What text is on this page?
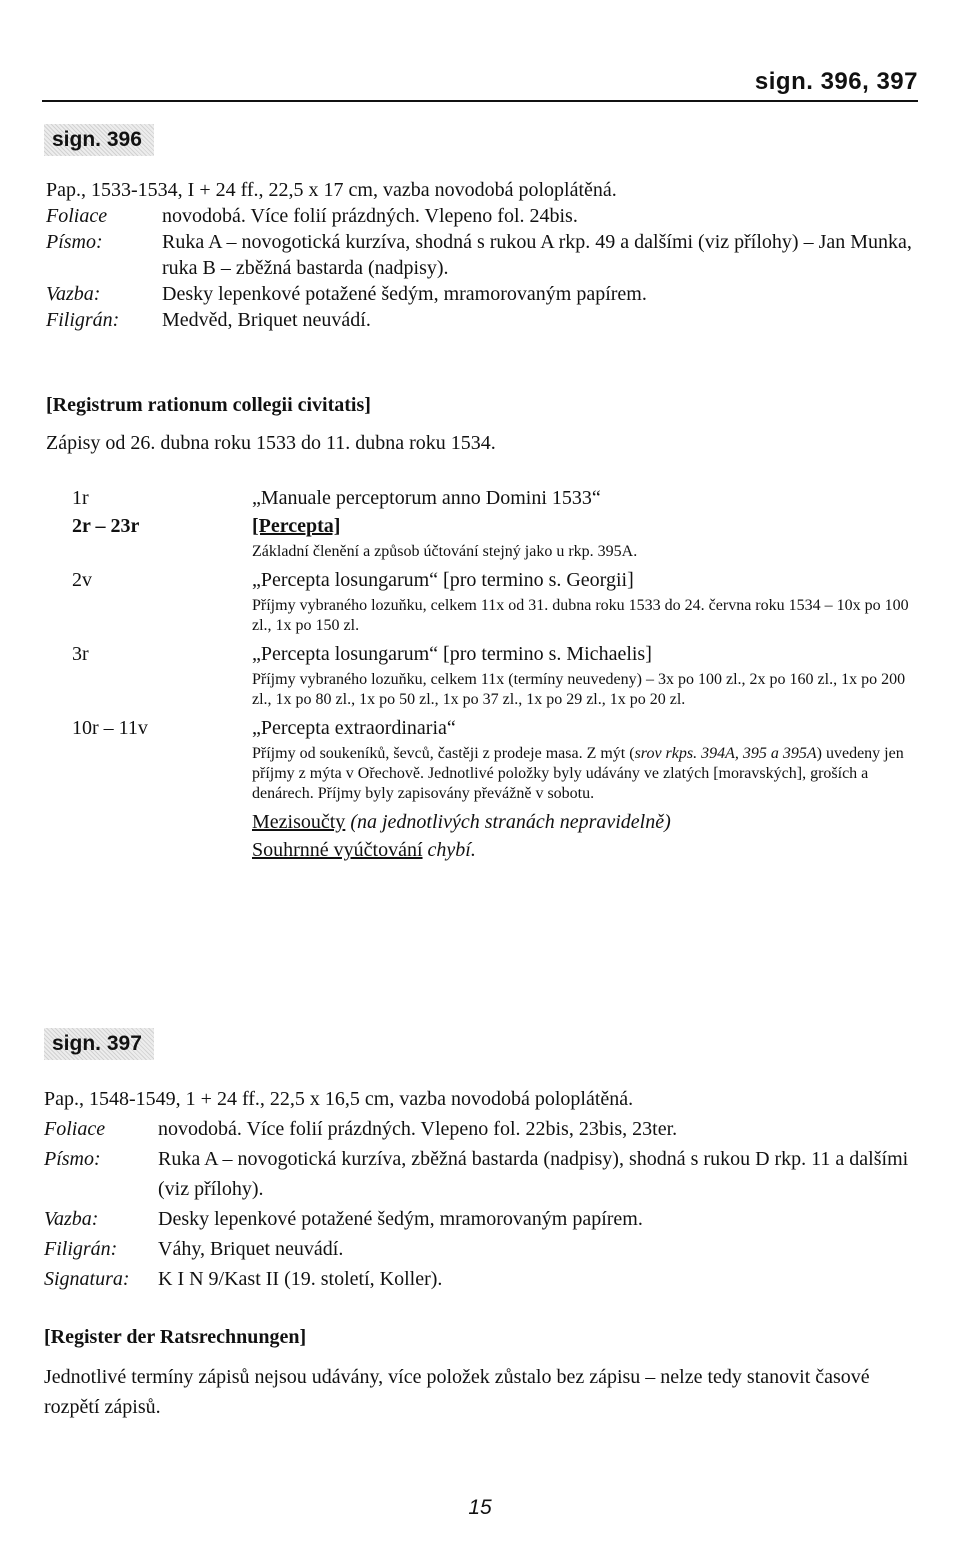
sign. 396, 397
sign. 396

Pap., 1533-1534, I + 24 ff., 22,5 x 17 cm, vazba novodobá poloplátěná.

Foliace	novodobá. Více folií prázdných. Vlepeno fol. 24bis.
Písmo:	Ruka A – novogotická kurzíva, shodná s rukou A rkp. 49 a dalšími (viz přílohy) – Jan Munka, ruka B – zběžná bastarda (nadpisy).
Vazba:	Desky lepenkové potažené šedým, mramorovaným papírem.
Filigrán:	Medvěd, Briquet neuvádí.
[Registrum rationum collegii civitatis]
Zápisy od 26. dubna roku 1533 do 11. dubna roku 1534.
1r	„Manuale perceptorum anno Domini 1533“
2r – 23r	[Percepta]
Základní členění a způsob účtování stejný jako u rkp. 395A.
2v	„Percepta losungarum“ [pro termino s. Georgii]
Příjmy vybraného lozuňku, celkem 11x od 31. dubna roku 1533 do 24. června roku 1534 – 10x po 100 zl., 1x po 150 zl.
3r	„Percepta losungarum“ [pro termino s. Michaelis]
Příjmy vybraného lozuňku, celkem 11x (termíny neuvedeny) – 3x po 100 zl., 2x po 160 zl., 1x po 200 zl., 1x po 80 zl., 1x po 50 zl., 1x po 37 zl., 1x po 29 zl., 1x po 20 zl.
10r – 11v	„Percepta extraordinaria“
Příjmy od soukeníků, ševců, častěji z prodeje masa. Z mýt (srov rkps. 394A, 395 a 395A) uvedeny jen příjmy z mýta v Ořechově. Jednotlivé položky byly udávány ve zlatých [moravských], groších a denárech. Příjmy byly zapisovány převážně v sobotu.
Mezisoučty (na jednotlivých stranách nepravidelně)
Souhrnné vyúčtování chybí.
sign. 397

Pap., 1548-1549, 1 + 24 ff., 22,5 x 16,5 cm, vazba novodobá poloplátěná.

Foliace	novodobá. Více folií prázdných. Vlepeno fol. 22bis, 23bis, 23ter.
Písmo:	Ruka A – novogotická kurzíva, zběžná bastarda (nadpisy), shodná s rukou D rkp. 11 a dalšími (viz přílohy).
Vazba:	Desky lepenkové potažené šedým, mramorovaným papírem.
Filigrán:	Váhy, Briquet neuvádí.
Signatura:	K I N 9/Kast II (19. století, Koller).
[Register der Ratsrechnungen]
Jednotlivé termíny zápisů nejsou udávány, více položek zůstalo bez zápisu – nelze tedy stanovit časové rozpětí zápisů.
15
